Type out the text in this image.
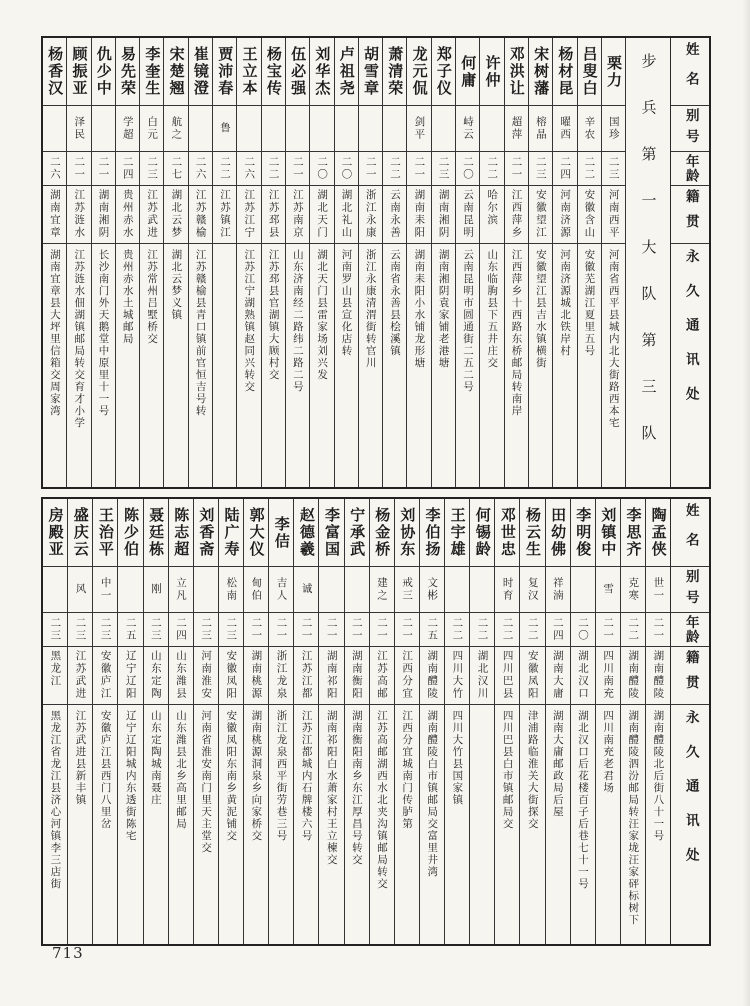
杨香汉
二六
湖南宜章
湖南宜章县大坪里信箱交周家湾
顾振亚
泽民
二一
江苏涟水
江苏涟水佃湖镇邮局转交育才小学
仇少中
二一
湖南湘阴
长沙南门外天鹅堂中原里十一号
易先荣
学超
二四
贵州赤水
贵州赤水土城邮局
李奎生
白元
二三
江苏武进
江苏常州吕墅桥交
宋楚翘
航之
二七
湖北云梦
湖北云梦义镇
崔镜澄
二六
江苏赣榆
江苏赣榆县青口镇前官恒吉号转
贾沛春
鲁
二二
江苏镇江
王立本
二六
江苏江宁
江苏江宁湖熟镇赵同兴转交
杨宝传
二二
江苏邳县
江苏邳县官湖镇大顾村交
伍必强
二一
江苏南京
山东济南经二路纬二路二号
刘华杰
二〇
湖北天门
湖北天门县雷家场刘兴发
卢祖尧
二〇
湖北礼山
河南罗山县宣化店转
胡雪章
二一
浙江永康
浙江永康清渭街转官川
萧清荣
二二
云南永善
云南省永善县桧溪镇
龙元侃
剑平
二一
湖南耒阳
湖南耒阳小水铺龙形塘
郑子仪
二三
湖南湘阴
湖南湘阴袁家铺老港塘
何庸
峙云
二〇
云南昆明
云南昆明市圆通街二五二号
许仲
二二
哈尔滨
山东临朐县下五井庄交
邓洪让
超萍
二一
江西萍乡
江西萍乡十西路东桥邮局转南岸
宋树藩
榕晶
二三
安徽望江
安徽望江县吉水镇横街
杨材昆
曜西
二四
河南济源
河南济源城北铁岸村
吕叟白
辛农
二二
安徽含山
安徽芜湖江夏里五号
栗力
国珍
二三
河南西平
河南省西平县城内北大街路西本宅 步兵第一大队第三队 姓名
别号
年龄
籍贯
永久通讯处
房殿亚
二三
黑龙江
黑龙江省龙江县济心河镇李三店街
盛庆云
风
二三
江苏武进
江苏武进县新丰镇
王治平
中一
二三
安徽庐江
安徽庐江县西门八里岔
陈少伯
二五
辽宁辽阳
辽宁辽阳城内东透街陈宅
聂廷栋
刚
二三
山东定陶
山东定陶城南聂庄
陈志超
立凡
二四
山东潍县
山东潍县北乡高里邮局
刘香斋
二三
河南淮安
河南省淮安南门里天主堂交
陆广寿
松南
二三
安徽凤阳
安徽凤阳东南乡黄泥铺交
郭大仪
甸伯
二一
湖南桃源
湖南桃源洞泉乡向家桥交
李佶
吉人
二一
浙江龙泉
浙江龙泉西平街劳巷三号
赵德羲
诚
二一
江苏江都
江苏江都城内石牌楼六号
李富国
二一
湖南祁阳
湖南祁阳白水萧家村王立楝交
宁承武
二一
湖南衡阳
湖南衡阳南乡东江厚昌号转交
杨金桥
建之
二一
江苏高邮
江苏高邮湖西水北夹沟镇邮局转交
刘协东
戒三
二一
江西分宜
江西分宜城南门传胪第
李伯扬
文彬
二五
湖南醴陵
湖南醴陵白市镇邮局交富里井湾
王宇雄
二二
四川大竹
四川大竹县国家镇
何锡龄
二二
湖北汉川
邓世忠
时育
二二
四川巴县
四川巴县白市镇邮局交
杨云生
复汉
二二
安徽凤阳
津浦路临淮关大街探交
田幼佛
祥湳
二四
湖南大庸
湖南大庸邮政局后屋
李明俊
二〇
湖北汉口
湖北汉口后花楼百子后巷七十一号
刘镇中
雪
二一
四川南充
四川南充老君场
李思齐
克寒
二二
湖南醴陵
湖南醴陵泗汾邮局转汪家垅汪家砰标树下
陶孟侠
世一
二一
湖南醴陵
湖南醴陵北后街八十一号
姓名
别号
年龄
籍贯
永久通讯处
713
